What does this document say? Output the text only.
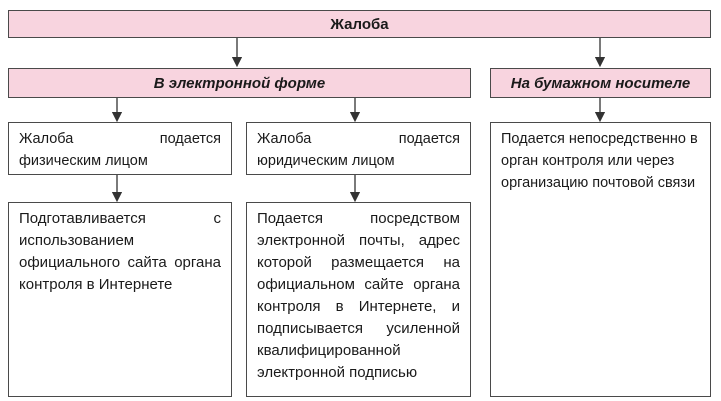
Жалоба
В электронной форме	На бумажном носителе
Жалоба подается физическим лицом
Жалоба подается юридическим лицом
Подается непосредственно в орган контроля или через организацию почтовой связи
Подготавливается с использованием официального сайта органа контроля в Интернете
Подается посредством электронной почты, адрес которой размещается на официальном сайте органа контроля в Интернете, и подписывается усиленной квалифицированной электронной подписью
